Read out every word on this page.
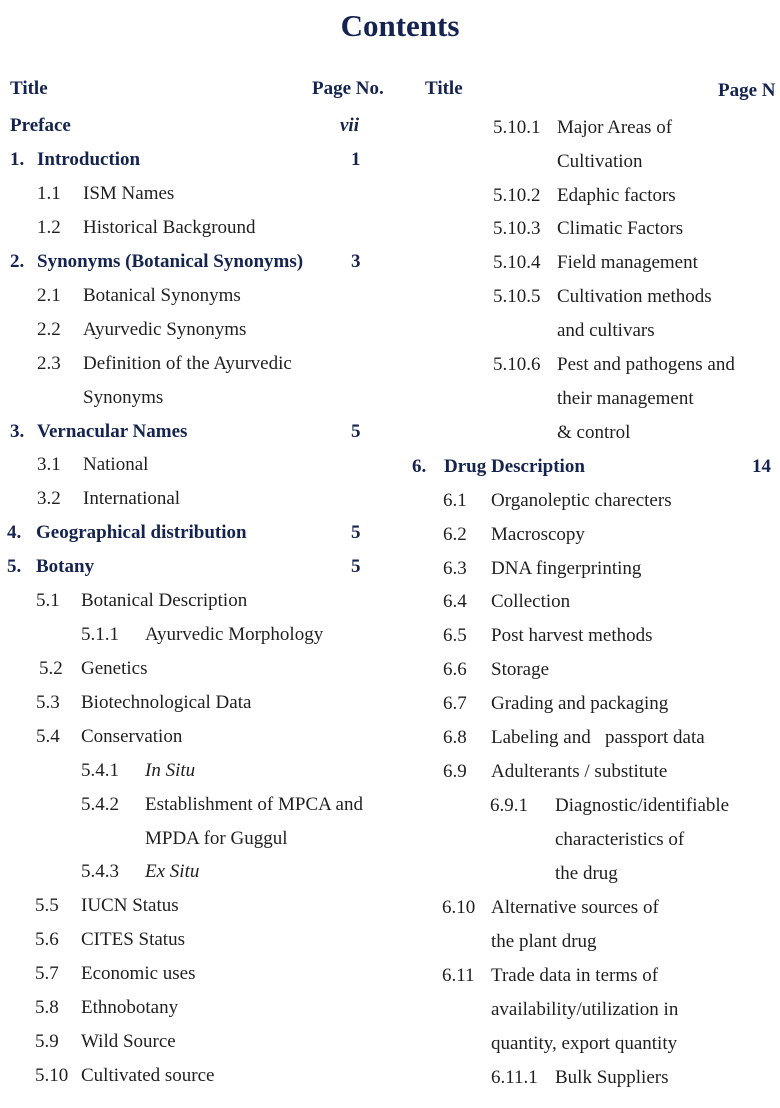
Contents
Title	Page No. Title	Page N
Preface	vii
1. Introduction	1
1.1 ISM Names
1.2 Historical Background
2. Synonyms (Botanical Synonyms)	3
2.1 Botanical Synonyms
2.2 Ayurvedic Synonyms
2.3 Definition of the Ayurvedic
Synonyms
3. Vernacular Names	5
3.1 National
3.2 International
4. Geographical distribution	5
5. Botany	5
5.1 Botanical Description
5.1.1 Ayurvedic Morphology
5.2 Genetics
5.3 Biotechnological Data
5.4 Conservation
5.4.1 In Situ
5.4.2 Establishment of MPCA and
MPDA for Guggul
5.4.3 Ex Situ
5.5 IUCN Status
5.6 CITES Status
5.7 Economic uses
5.8 Ethnobotany
5.9 Wild Source
5.10 Cultivated source
5.10.1 Major Areas of
Cultivation
5.10.2 Edaphic factors
5.10.3 Climatic Factors
5.10.4 Field management
5.10.5 Cultivation methods
and cultivars
5.10.6 Pest and pathogens and
their management
& control
6. Drug Description	14
6.1 Organoleptic charecters
6.2 Macroscopy
6.3 DNA fingerprinting
6.4 Collection
6.5 Post harvest methods
6.6 Storage
6.7 Grading and packaging
6.8 Labeling and   passport data
6.9 Adulterants / substitute
6.9.1 Diagnostic/identifiable
characteristics of
the drug
6.10 Alternative sources of
the plant drug
6.11 Trade data in terms of
availability/utilization in
quantity, export quantity
6.11.1 Bulk Suppliers
